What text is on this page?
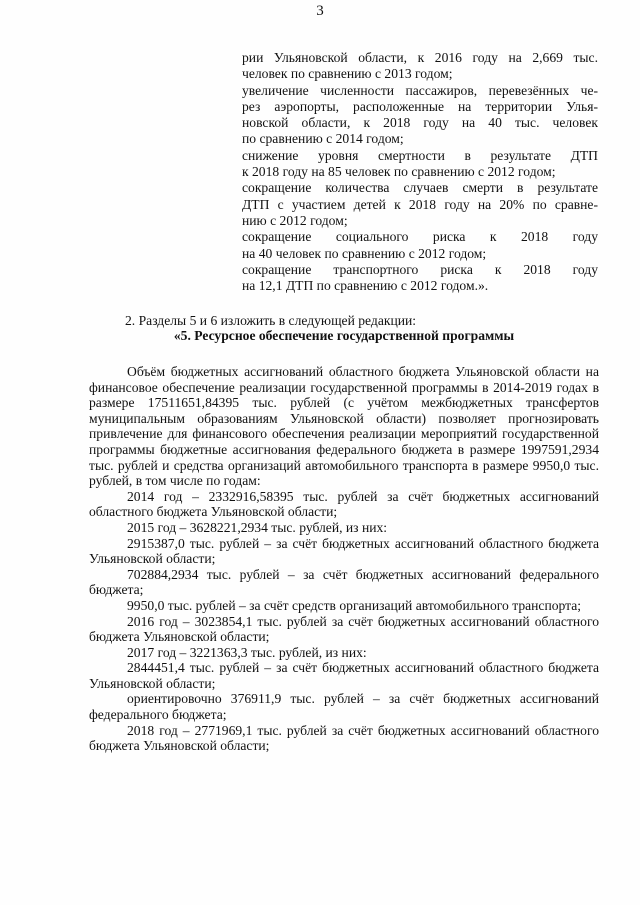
3

рии Ульяновской области, к 2016 году на 2,669 тыс.

человек по сравнению с 2013 годом;

увеличение численности пассажиров, перевезённых че-

рез аэропорты, расположенные на территории Улья-

новской области, к 2018 году на 40 тыс. человек

по сравнению с 2014 годом;

снижение уровня смертности в результате ДТП

к 2018 году на 85 человек по сравнению с 2012 годом;

сокращение количества случаев смерти в результате

ДТП с участием детей к 2018 году на 20% по сравне-

нию с 2012 годом;

сокращение социального риска к 2018 году

на 40 человек по сравнению с 2012 годом;

сокращение транспортного риска к 2018 году

на 12,1 ДТП по сравнению с 2012 годом.».

2. Разделы 5 и 6 изложить в следующей редакции:
«5. Ресурсное обеспечение государственной программы

Объём бюджетных ассигнований областного бюджета Ульяновской области на финансовое обеспечение реализации государственной программы в 2014-2019 годах в размере 17511651,84395 тыс. рублей (с учётом межбюджетных трансфертов муниципальным образованиям Ульяновской области) позволяет прогнозировать привлечение для финансового обеспечения реализации мероприятий государственной программы бюджетные ассигнования федерального бюджета в размере 1997591,2934 тыс. рублей и средства организаций автомобильного транспорта в размере 9950,0 тыс. рублей, в том числе по годам:

2014 год – 2332916,58395 тыс. рублей за счёт бюджетных ассигнований областного бюджета Ульяновской области;

2015 год – 3628221,2934 тыс. рублей, из них:

2915387,0 тыс. рублей – за счёт бюджетных ассигнований областного бюджета Ульяновской области;

702884,2934 тыс. рублей – за счёт бюджетных ассигнований федерального бюджета;

9950,0 тыс. рублей – за счёт средств организаций автомобильного транспорта;

2016 год – 3023854,1 тыс. рублей за счёт бюджетных ассигнований областного бюджета Ульяновской области;

2017 год – 3221363,3 тыс. рублей, из них:

2844451,4 тыс. рублей – за счёт бюджетных ассигнований областного бюджета Ульяновской области;

ориентировочно 376911,9 тыс. рублей – за счёт бюджетных ассигнований федерального бюджета;

2018 год – 2771969,1 тыс. рублей за счёт бюджетных ассигнований областного бюджета Ульяновской области;
